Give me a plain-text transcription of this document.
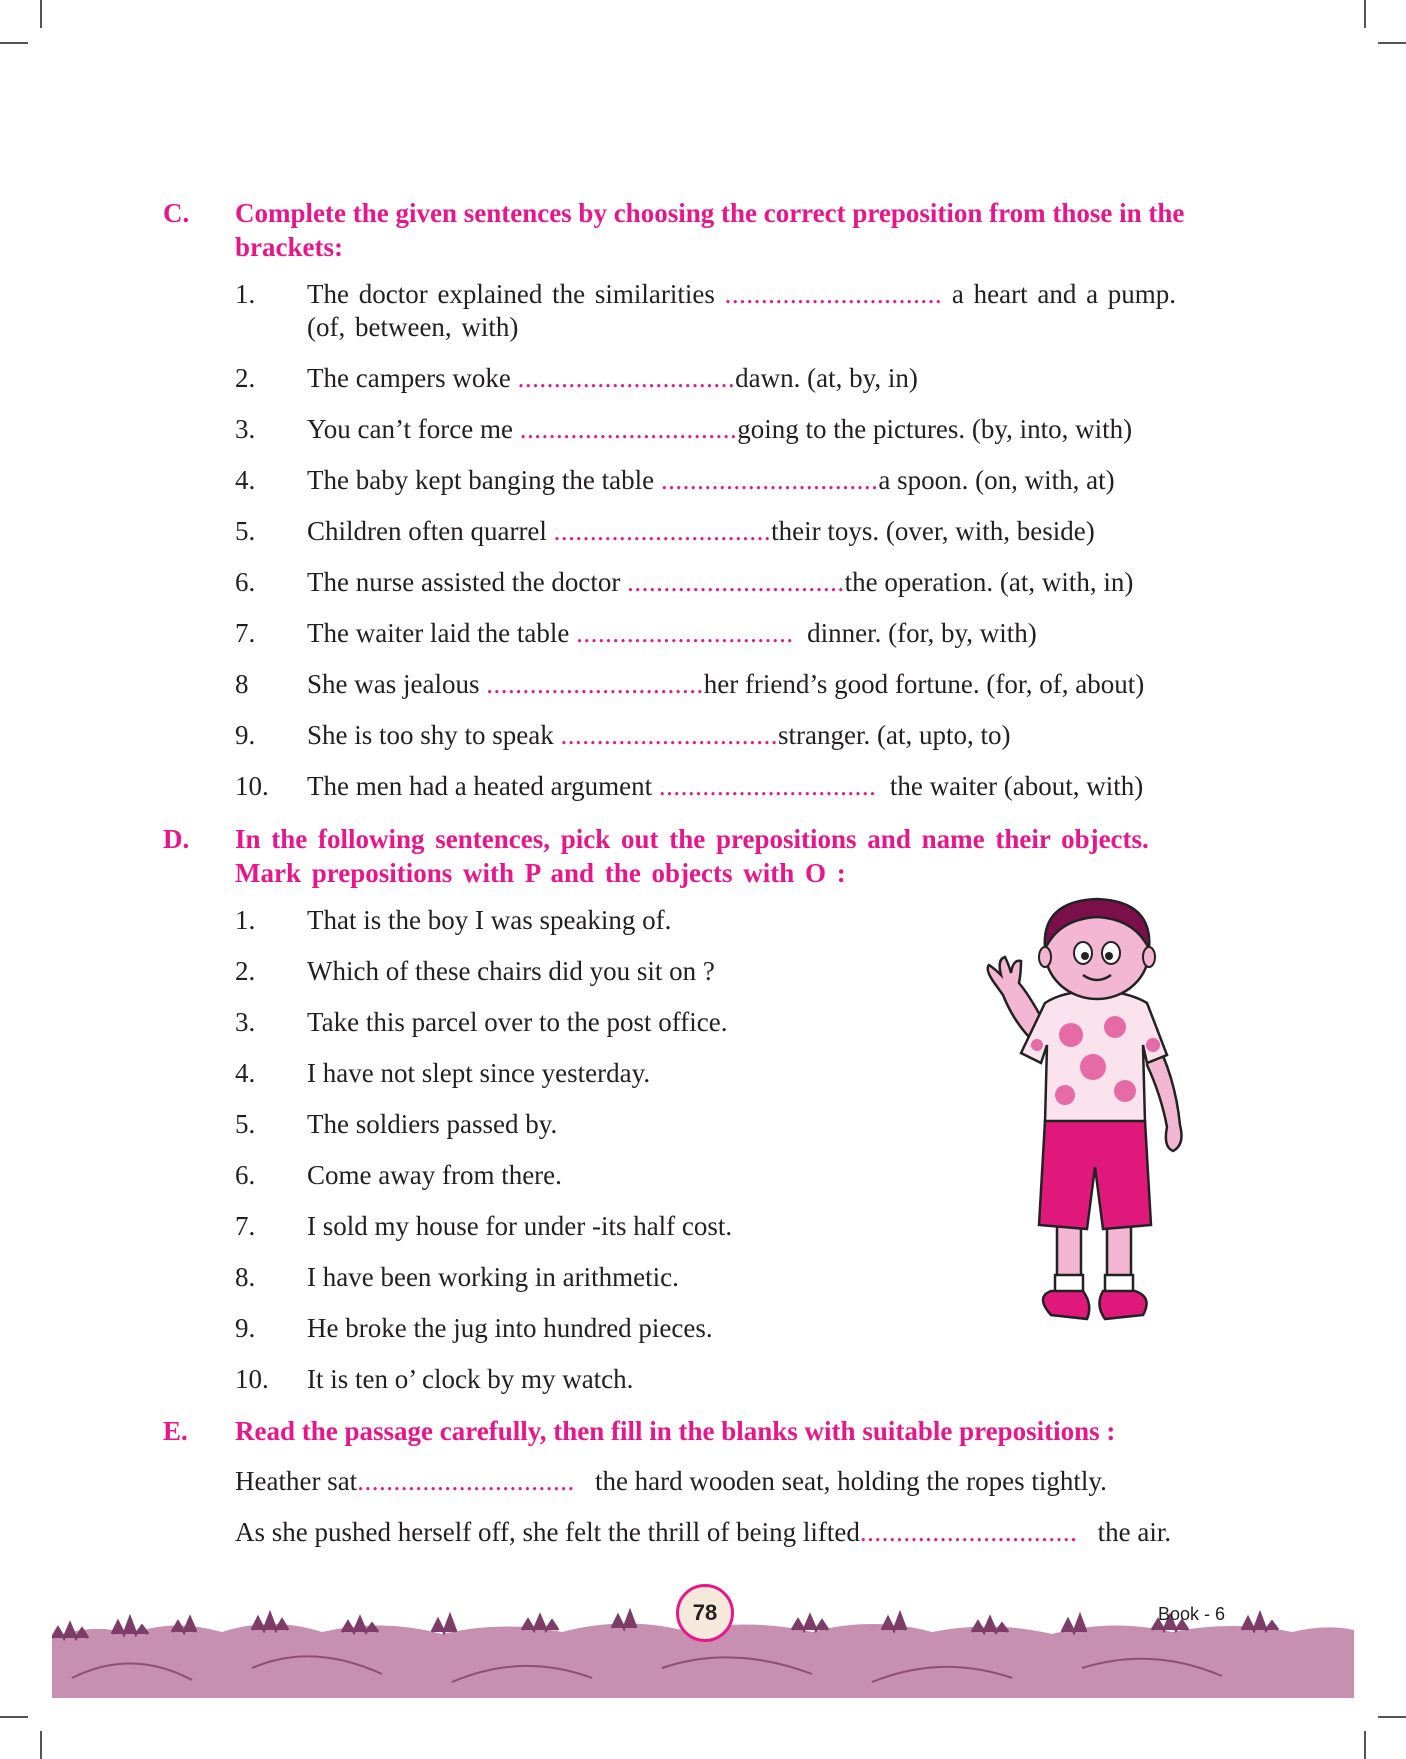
C. Complete the given sentences by choosing the correct preposition from those in the brackets:
1. The doctor explained the similarities .............................. a heart and a pump.
(of, between, with)
2. The campers woke ..............................dawn. (at, by, in)
3. You can’t force me ..............................going to the pictures. (by, into, with)
4. The baby kept banging the table ..............................a spoon. (on, with, at)
5. Children often quarrel ..............................their toys. (over, with, beside)
6. The nurse assisted the doctor ..............................the operation. (at, with, in)
7. The waiter laid the table .............................. dinner. (for, by, with)
8 She was jealous ..............................her friend’s good fortune. (for, of, about)
9. She is too shy to speak ..............................stranger. (at, upto, to)
10. The men had a heated argument .............................. the waiter (about, with)
D. In the following sentences, pick out the prepositions and name their objects.
Mark prepositions with P and the objects with O :
1. That is the boy I was speaking of.
2. Which of these chairs did you sit on ?
3. Take this parcel over to the post office.
4. I have not slept since yesterday.
5. The soldiers passed by.
6. Come away from there.
7. I sold my house for under -its half cost.
8. I have been working in arithmetic.
9. He broke the jug into hundred pieces.
10. It is ten o’ clock by my watch.
E. Read the passage carefully, then fill in the blanks with suitable prepositions :
Heather sat.............................. the hard wooden seat, holding the ropes tightly.
As she pushed herself off, she felt the thrill of being lifted.............................. the air.
78	Book - 6
